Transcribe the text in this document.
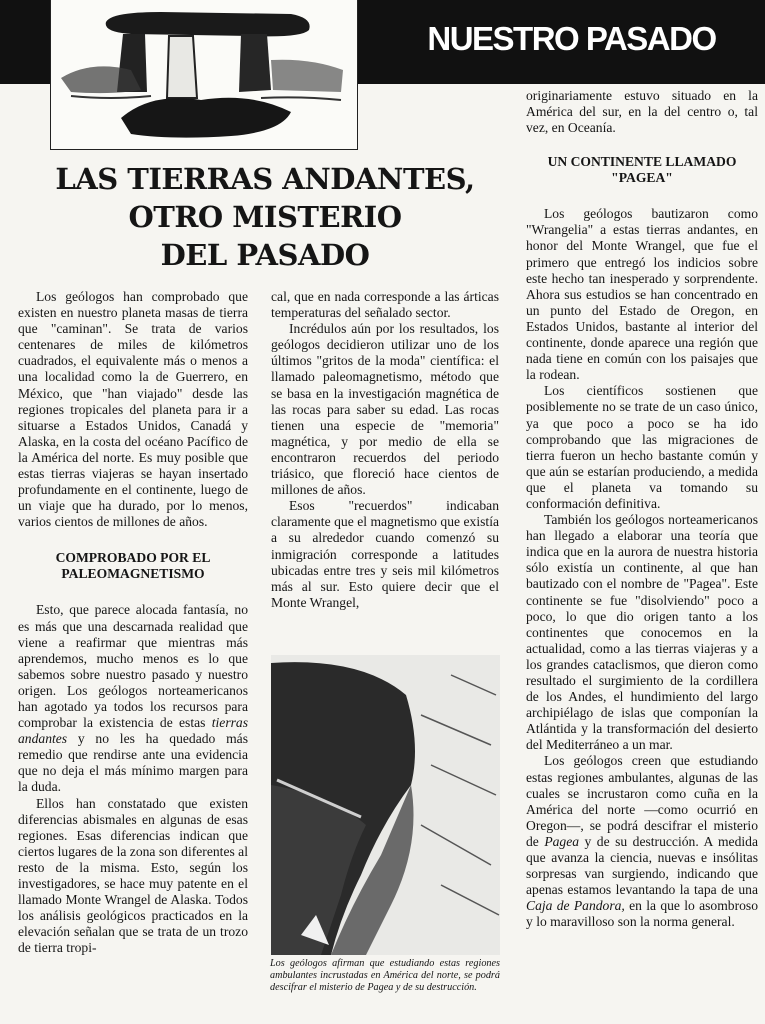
NUESTRO PASADO
LAS TIERRAS ANDANTES,
OTRO MISTERIO
DEL PASADO

Los geólogos han comprobado que existen en nuestro planeta masas de tierra que "caminan". Se trata de varios centenares de miles de kilómetros cuadrados, el equivalente más o menos a una localidad como la de Guerrero, en México, que "han viajado" desde las regiones tropicales del planeta para ir a situarse a Estados Unidos, Canadá y Alaska, en la costa del océano Pacífico de la América del norte. Es muy posible que estas tierras viajeras se hayan insertado profundamente en el continente, luego de un viaje que ha durado, por lo menos, varios cientos de millones de años.

COMPROBADO POR EL PALEOMAGNETISMO

Esto, que parece alocada fantasía, no es más que una descarnada realidad que viene a reafirmar que mientras más aprendemos, mucho menos es lo que sabemos sobre nuestro pasado y nuestro origen. Los geólogos norteamericanos han agotado ya todos los recursos para comprobar la existencia de estas tierras andantes y no les ha quedado más remedio que rendirse ante una evidencia que no deja el más mínimo margen para la duda.

Ellos han constatado que existen diferencias abismales en algunas de esas regiones. Esas diferencias indican que ciertos lugares de la zona son diferentes al resto de la misma. Esto, según los investigadores, se hace muy patente en el llamado Monte Wrangel de Alaska. Todos los análisis geológicos practicados en la elevación señalan que se trata de un trozo de tierra tropi-

cal, que en nada corresponde a las árticas temperaturas del señalado sector.

Incrédulos aún por los resultados, los geólogos decidieron utilizar uno de los últimos "gritos de la moda" científica: el llamado paleomagnetismo, método que se basa en la investigación magnética de las rocas para saber su edad. Las rocas tienen una especie de "memoria" magnética, y por medio de ella se encontraron recuerdos del periodo triásico, que floreció hace cientos de millones de años.

Esos "recuerdos" indicaban claramente que el magnetismo que existía a su alrededor cuando comenzó su inmigración corresponde a latitudes ubicadas entre tres y seis mil kilómetros más al sur. Esto quiere decir que el Monte Wrangel,

Los geólogos afirman que estudiando estas regiones ambulantes incrustadas en América del norte, se podrá descifrar el misterio de Pagea y de su destrucción.

originariamente estuvo situado en la América del sur, en la del centro o, tal vez, en Oceanía.

UN CONTINENTE LLAMADO "PAGEA"

Los geólogos bautizaron como "Wrangelia" a estas tierras andantes, en honor del Monte Wrangel, que fue el primero que entregó los indicios sobre este hecho tan inesperado y sorprendente. Ahora sus estudios se han concentrado en un punto del Estado de Oregon, en Estados Unidos, bastante al interior del continente, donde aparece una región que nada tiene en común con los paisajes que la rodean.

Los científicos sostienen que posiblemente no se trate de un caso único, ya que poco a poco se ha ido comprobando que las migraciones de tierra fueron un hecho bastante común y que aún se estarían produciendo, a medida que el planeta va tomando su conformación definitiva.

También los geólogos norteamericanos han llegado a elaborar una teoría que indica que en la aurora de nuestra historia sólo existía un continente, al que han bautizado con el nombre de "Pagea". Este continente se fue "disolviendo" poco a poco, lo que dio origen tanto a los continentes que conocemos en la actualidad, como a las tierras viajeras y a los grandes cataclismos, que dieron como resultado el surgimiento de la cordillera de los Andes, el hundimiento del largo archipiélago de islas que componían la Atlántida y la transformación del desierto del Mediterráneo a un mar.

Los geólogos creen que estudiando estas regiones ambulantes, algunas de las cuales se incrustaron como cuña en la América del norte —como ocurrió en Oregon—, se podrá descifrar el misterio de Pagea y de su destrucción. A medida que avanza la ciencia, nuevas e insólitas sorpresas van surgiendo, indicando que apenas estamos levantando la tapa de una Caja de Pandora, en la que lo asombroso y lo maravilloso son la norma general.
